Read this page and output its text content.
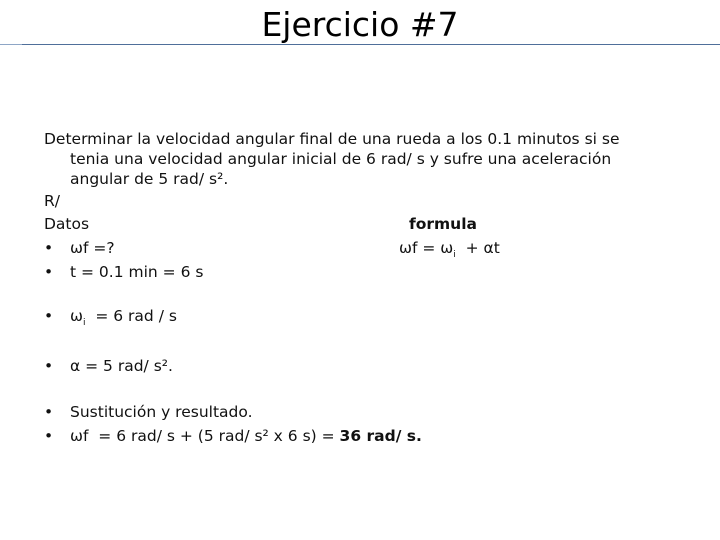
Ejercicio #7
Determinar la velocidad angular final de una rueda a los 0.1 minutos si se
tenia una velocidad angular inicial de 6 rad/ s y sufre una aceleración
angular de 5 rad/ s².

R/

Datos	formula

$\omega f = \omega_i + \alpha t$

•	ωf =?
•	t = 0.1 min = 6 s
•	$\omega_i = 6$ rad / s
•	α = 5 rad/ s².
•	Sustitución y resultado.
•	ωf  = 6 rad/ s + (5 rad/ s² x 6 s) = 36 rad/ s.
